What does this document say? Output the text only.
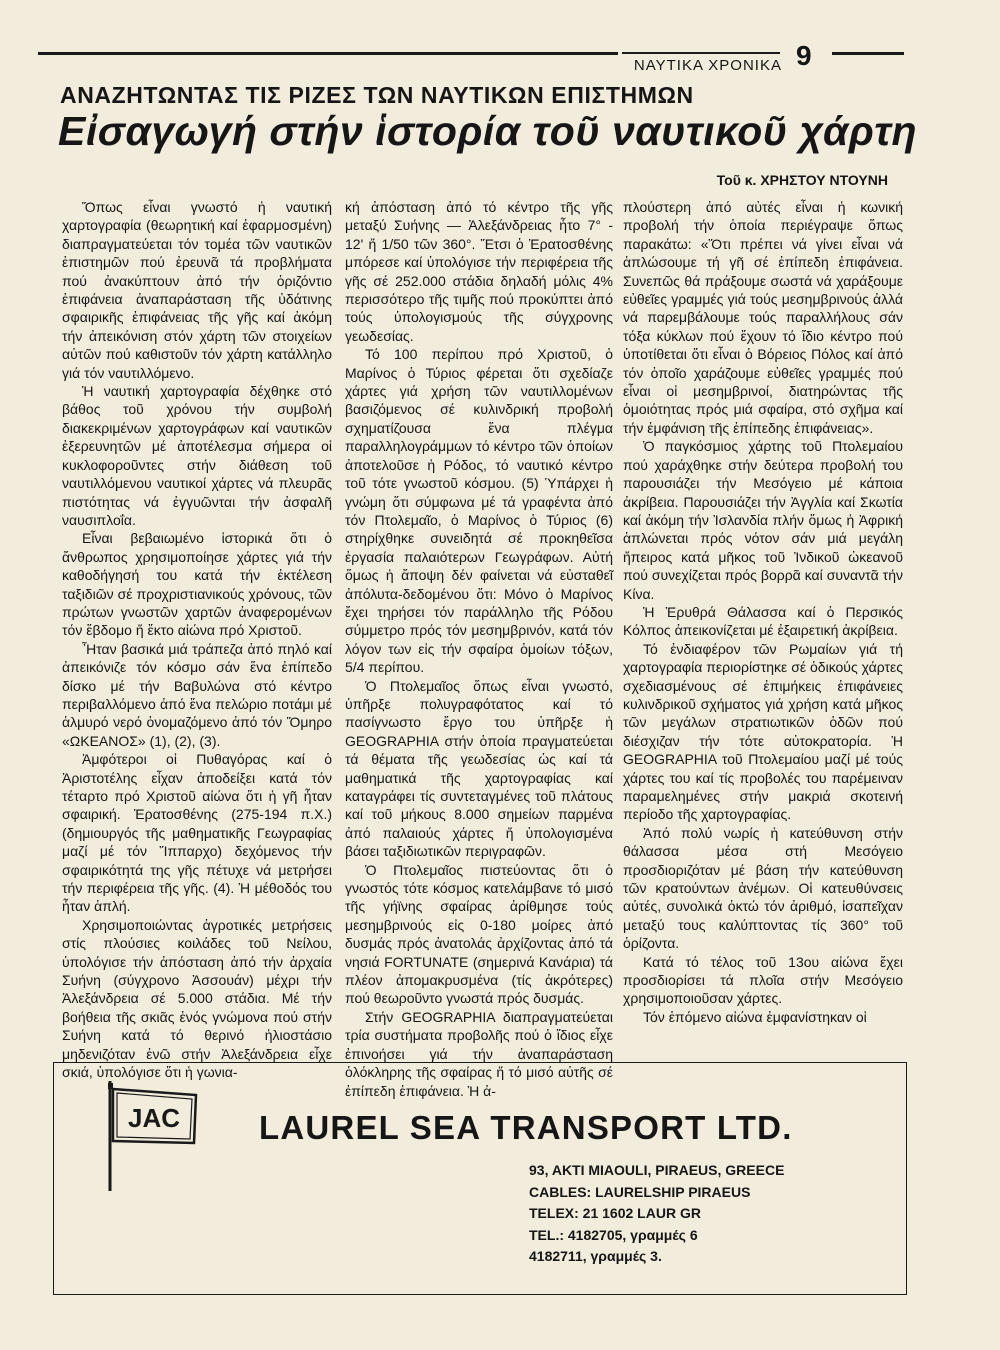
ΝΑΥΤΙΚΑ ΧΡΟΝΙΚΑ 9
ΑΝΑΖΗΤΩΝΤΑΣ ΤΙΣ ΡΙΖΕΣ ΤΩΝ ΝΑΥΤΙΚΩΝ ΕΠΙΣΤΗΜΩΝ
Εἰσαγωγή στήν ἱστορία τοῦ ναυτικοῦ χάρτη
Τοῦ κ. ΧΡΗΣΤΟΥ ΝΤΟΥΝΗ

Ὅπως εἶναι γνωστό ἡ ναυτική χαρτογραφία (θεωρητική καί ἐφαρμοσμένη) διαπραγματεύεται τόν τομέα τῶν ναυτικῶν ἐπιστημῶν πού ἐρευνᾶ τά προβλήματα πού ἀνακύπτουν ἀπό τήν ὁριζόντιο ἐπιφάνεια ἀναπαράσταση τῆς ὑδάτινης σφαιρικῆς ἐπιφάνειας τῆς γῆς καί ἀκόμη τήν ἀπεικόνιση στόν χάρτη τῶν στοιχείων αὐτῶν πού καθιστοῦν τόν χάρτη κατάλληλο γιά τόν ναυτιλλόμενο.

Ἡ ναυτική χαρτογραφία δέχθηκε στό βάθος τοῦ χρόνου τήν συμβολή διακεκριμένων χαρτογράφων καί ναυτικῶν ἐξερευνητῶν μέ ἀποτέλεσμα σήμερα οἱ κυκλοφοροῦντες στήν διάθεση τοῦ ναυτιλλόμενου ναυτικοί χάρτες νά πλευρᾶς πιστότητας νά ἐγγυῶνται τήν ἀσφαλῆ ναυσιπλοΐα.

Εἶναι βεβαιωμένο ἱστορικά ὅτι ὁ ἄνθρωπος χρησιμοποίησε χάρτες γιά τήν καθοδήγησή του κατά τήν ἐκτέλεση ταξιδιῶν σέ προχριστιανικούς χρόνους, τῶν πρώτων γνωστῶν χαρτῶν ἀναφερομένων τόν ἕβδομο ἤ ἕκτο αἰώνα πρό Χριστοῦ.

Ἦταν βασικά μιά τράπεζα ἀπό πηλό καί ἀπεικόνιζε τόν κόσμο σάν ἕνα ἐπίπεδο δίσκο μέ τήν Βαβυλώνα στό κέντρο περιβαλλόμενο ἀπό ἕνα πελώριο ποτάμι μέ ἁλμυρό νερό ὀνομαζόμενο ἀπό τόν Ὅμηρο «ΩΚΕΑΝΟΣ» (1), (2), (3).

Ἀμφότεροι οἱ Πυθαγόρας καί ὁ Ἀριστοτέλης εἶχαν ἀποδείξει κατά τόν τέταρτο πρό Χριστοῦ αἰώνα ὅτι ἡ γῆ ἦταν σφαιρική. Ἐρατοσθένης (275-194 π.Χ.) (δημιουργός τῆς μαθηματικῆς Γεωγραφίας μαζί μέ τόν Ἵππαρχο) δεχόμενος τήν σφαιρικότητά της γῆς πέτυχε νά μετρήσει τήν περιφέρεια τῆς γῆς. (4). Ἡ μέθοδός του ἦταν ἁπλή.

Χρησιμοποιώντας ἀγροτικές μετρήσεις στίς πλούσιες κοιλάδες τοῦ Νείλου, ὑπολόγισε τήν ἀπόσταση ἀπό τήν ἀρχαία Συήνη (σύγχρονο Ἀσσουάν) μέχρι τήν Ἀλεξάνδρεια σέ 5.000 στάδια. Μέ τήν βοήθεια τῆς σκιᾶς ἑνός γνώμονα πού στήν Συήνη κατά τό θερινό ἡλιοστάσιο μηδενιζόταν ἐνῶ στήν Ἀλεξάνδρεια εἶχε σκιά, ὑπολόγισε ὅτι ἡ γωνια-

κή ἀπόσταση ἀπό τό κέντρο τῆς γῆς μεταξύ Συήνης — Ἀλεξάνδρειας ἦτο 7° - 12' ἤ 1/50 τῶν 360°. Ἔτσι ὁ Ἐρατοσθένης μπόρεσε καί ὑπολόγισε τήν περιφέρεια τῆς γῆς σέ 252.000 στάδια δηλαδή μόλις 4% περισσότερο τῆς τιμῆς πού προκύπτει ἀπό τούς ὑπολογισμούς τῆς σύγχρονης γεωδεσίας.

Τό 100 περίπου πρό Χριστοῦ, ὁ Μαρίνος ὁ Τύριος φέρεται ὅτι σχεδίαζε χάρτες γιά χρήση τῶν ναυτιλλομένων βασιζόμενος σέ κυλινδρική προβολή σχηματίζουσα ἕνα πλέγμα παραλληλογράμμων τό κέντρο τῶν ὁποίων ἀποτελοῦσε ἡ Ρόδος, τό ναυτικό κέντρο τοῦ τότε γνωστοῦ κόσμου. (5) Ὑπάρχει ἡ γνώμη ὅτι σύμφωνα μέ τά γραφέντα ἀπό τόν Πτολεμαῖο, ὁ Μαρίνος ὁ Τύριος (6) στηρίχθηκε συνειδητά σέ προκηθεῖσα ἐργασία παλαιότερων Γεωγράφων. Αὐτή ὅμως ἡ ἄποψη δέν φαίνεται νά εὐσταθεῖ ἀπόλυτα-δεδομένου ὅτι: Μόνο ὁ Μαρίνος ἔχει τηρήσει τόν παράλληλο τῆς Ρόδου σύμμετρο πρός τόν μεσημβρινόν, κατά τόν λόγον των εἰς τήν σφαίρα ὁμοίων τόξων, 5/4 περίπου.

Ὁ Πτολεμαῖος ὅπως εἶναι γνωστό, ὑπῆρξε πολυγραφότατος καί τό πασίγνωστο ἔργο του ὑπῆρξε ἡ GEOGRAPHIA στήν ὁποία πραγματεύεται τά θέματα τῆς γεωδεσίας ὡς καί τά μαθηματικά τῆς χαρτογραφίας καί καταγράφει τίς συντεταγμένες τοῦ πλάτους καί τοῦ μήκους 8.000 σημείων παρμένα ἀπό παλαιούς χάρτες ἤ ὑπολογισμένα βάσει ταξιδιωτικῶν περιγραφῶν.

Ὁ Πτολεμαῖος πιστεύοντας ὅτι ὁ γνωστός τότε κόσμος κατελάμβανε τό μισό τῆς γήϊνης σφαίρας ἀρίθμησε τούς μεσημβρινούς εἰς 0-180 μοίρες ἀπό δυσμάς πρός ἀνατολάς ἀρχίζοντας ἀπό τά νησιά FORTUNATE (σημερινά Κανάρια) τά πλέον ἀπομακρυσμένα (τίς ἀκρότερες) πού θεωροῦντο γνωστά πρός δυσμάς.

Στήν GEOGRAPHIA διαπραγματεύεται τρία συστήματα προβολῆς πού ὁ ἴδιος εἶχε ἐπινοήσει γιά τήν ἀναπαράσταση ὁλόκληρης τῆς σφαίρας ἤ τό μισό αὐτῆς σέ ἐπίπεδη ἐπιφάνεια. Ἡ ἀ-

πλούστερη ἀπό αὐτές εἶναι ἡ κωνική προβολή τήν ὁποία περιέγραψε ὅπως παρακάτω: «Ὅτι πρέπει νά γίνει εἶναι νά ἁπλώσουμε τή γῆ σέ ἐπίπεδη ἐπιφάνεια. Συνεπῶς θά πράξουμε σωστά νά χαράξουμε εὐθεῖες γραμμές γιά τούς μεσημβρινούς ἀλλά νά παρεμβάλουμε τούς παραλλήλους σάν τόξα κύκλων πού ἔχουν τό ἴδιο κέντρο πού ὑποτίθεται ὅτι εἶναι ὁ Βόρειος Πόλος καί ἀπό τόν ὁποῖο χαράζουμε εὐθεῖες γραμμές πού εἶναι οἱ μεσημβρινοί, διατηρώντας τῆς ὁμοιότητας πρός μιά σφαίρα, στό σχῆμα καί τήν ἐμφάνιση τῆς ἐπίπεδης ἐπιφάνειας».

Ὁ παγκόσμιος χάρτης τοῦ Πτολεμαίου πού χαράχθηκε στήν δεύτερα προβολή του παρουσιάζει τήν Μεσόγειο μέ κάποια ἀκρίβεια. Παρουσιάζει τήν Ἀγγλία καί Σκωτία καί ἀκόμη τήν Ἰσλανδία πλήν ὅμως ἡ Ἀφρική ἁπλώνεται πρός νότον σάν μιά μεγάλη ἤπειρος κατά μῆκος τοῦ Ἰνδικοῦ ὠκεανοῦ πού συνεχίζεται πρός βορρᾶ καί συναντᾶ τήν Κίνα.

Ἡ Ἐρυθρά Θάλασσα καί ὁ Περσικός Κόλπος ἀπεικονίζεται μέ ἐξαιρετική ἀκρίβεια.

Τό ἐνδιαφέρον τῶν Ρωμαίων γιά τή χαρτογραφία περιορίστηκε σέ ὁδικούς χάρτες σχεδιασμένους σέ ἐπιμήκεις ἐπιφάνειες κυλινδρικοῦ σχήματος γιά χρήση κατά μῆκος τῶν μεγάλων στρατιωτικῶν ὁδῶν πού διέσχιζαν τήν τότε αὐτοκρατορία. Ἡ GEOGRAPHIA τοῦ Πτολεμαίου μαζί μέ τούς χάρτες του καί τίς προβολές του παρέμειναν παραμελημένες στήν μακριά σκοτεινή περίοδο τῆς χαρτογραφίας.

Ἀπό πολύ νωρίς ἡ κατεύθυνση στήν θάλασσα μέσα στή Μεσόγειο προσδιοριζόταν μέ βάση τήν κατεύθυνση τῶν κρατούντων ἀνέμων. Οἱ κατευθύνσεις αὐτές, συνολικά ὀκτώ τόν ἀριθμό, ἰσαπεῖχαν μεταξύ τους καλύπτοντας τίς 360° τοῦ ὁρίζοντα.

Κατά τό τέλος τοῦ 13ου αἰώνα ἔχει προσδιορίσει τά πλοῖα στήν Μεσόγειο χρησιμοποιοῦσαν χάρτες.

Τόν ἑπόμενο αἰώνα ἐμφανίστηκαν οἱ

JAC LAUREL SEA TRANSPORT LTD.
93, AKTI MIAOULI, PIRAEUS, GREECE
CABLES: LAURELSHIP PIRAEUS
TELEX: 21 1602 LAUR GR
ΤΕL.: 4182705, γραμμές 6
4182711, γραμμές 3.
